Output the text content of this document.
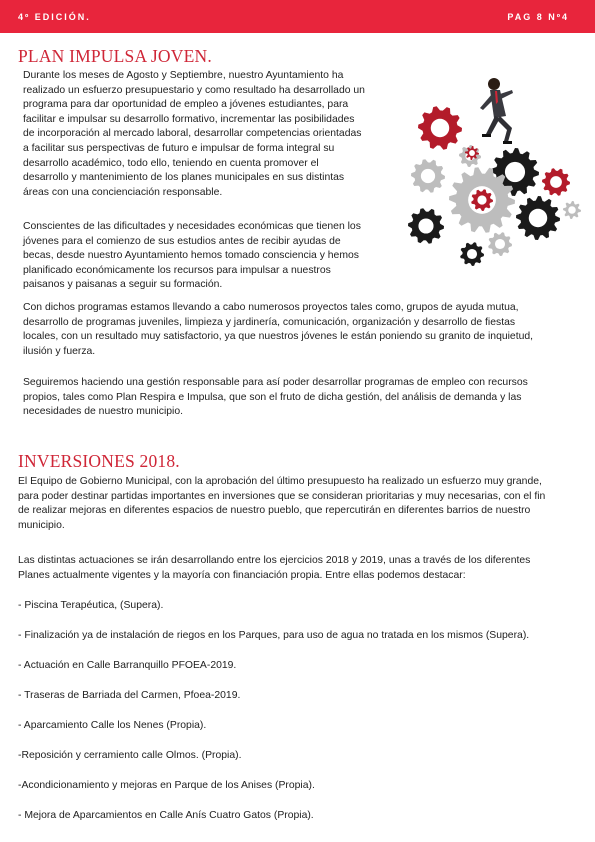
4º EDICIÓN.	PAG 8 Nº4
PLAN IMPULSA JOVEN.
Durante los meses de Agosto y Septiembre, nuestro Ayuntamiento ha
realizado un esfuerzo presupuestario y como resultado ha desarrollado un
programa para dar oportunidad de empleo a jóvenes estudiantes, para
facilitar e impulsar su desarrollo formativo, incrementar las posibilidades
de incorporación al mercado laboral, desarrollar competencias orientadas
a facilitar sus perspectivas de futuro e impulsar de forma integral su
desarrollo académico, todo ello, teniendo en cuenta promover el
desarrollo y mantenimiento de los planes municipales en sus distintas
áreas con una concienciación responsable.
Conscientes de las dificultades y necesidades económicas que tienen los
jóvenes para el comienzo de sus estudios antes de recibir ayudas de
becas, desde nuestro Ayuntamiento hemos tomado consciencia y hemos
planificado económicamente los recursos para impulsar a nuestros
paisanos y paisanas a seguir su formación.
Con dichos programas estamos llevando a cabo numerosos proyectos tales como, grupos de ayuda mutua,
desarrollo de programas juveniles, limpieza y jardinería, comunicación, organización y desarrollo de fiestas
locales, con un resultado muy satisfactorio, ya que nuestros jóvenes le están poniendo su granito de inquietud,
ilusión y fuerza.
Seguiremos haciendo una gestión responsable para así poder desarrollar programas de empleo con recursos
propios, tales como Plan Respira e Impulsa, que son el fruto de dicha gestión, del análisis de demanda y las
necesidades de nuestro municipio.
INVERSIONES 2018.
El Equipo de Gobierno Municipal, con la aprobación del último presupuesto ha realizado un esfuerzo muy grande,
para poder destinar partidas importantes en inversiones que se consideran prioritarias y muy necesarias, con el fin
de realizar mejoras en diferentes espacios de nuestro pueblo, que repercutirán en diferentes barrios de nuestro
municipio.
Las distintas actuaciones se irán desarrollando entre los ejercicios 2018 y 2019, unas a través de los diferentes
Planes actualmente vigentes y la mayoría con financiación propia. Entre ellas podemos destacar:
- Piscina Terapéutica, (Supera).
- Finalización ya de instalación de riegos en los Parques, para uso de agua no tratada en los mismos (Supera).
- Actuación en Calle Barranquillo PFOEA-2019.
- Traseras de Barriada del Carmen, Pfoea-2019.
- Aparcamiento Calle los Nenes (Propia).
-Reposición y cerramiento calle Olmos. (Propia).
-Acondicionamiento y mejoras en Parque de los Anises (Propia).
- Mejora de Aparcamientos en Calle Anís Cuatro Gatos (Propia).
